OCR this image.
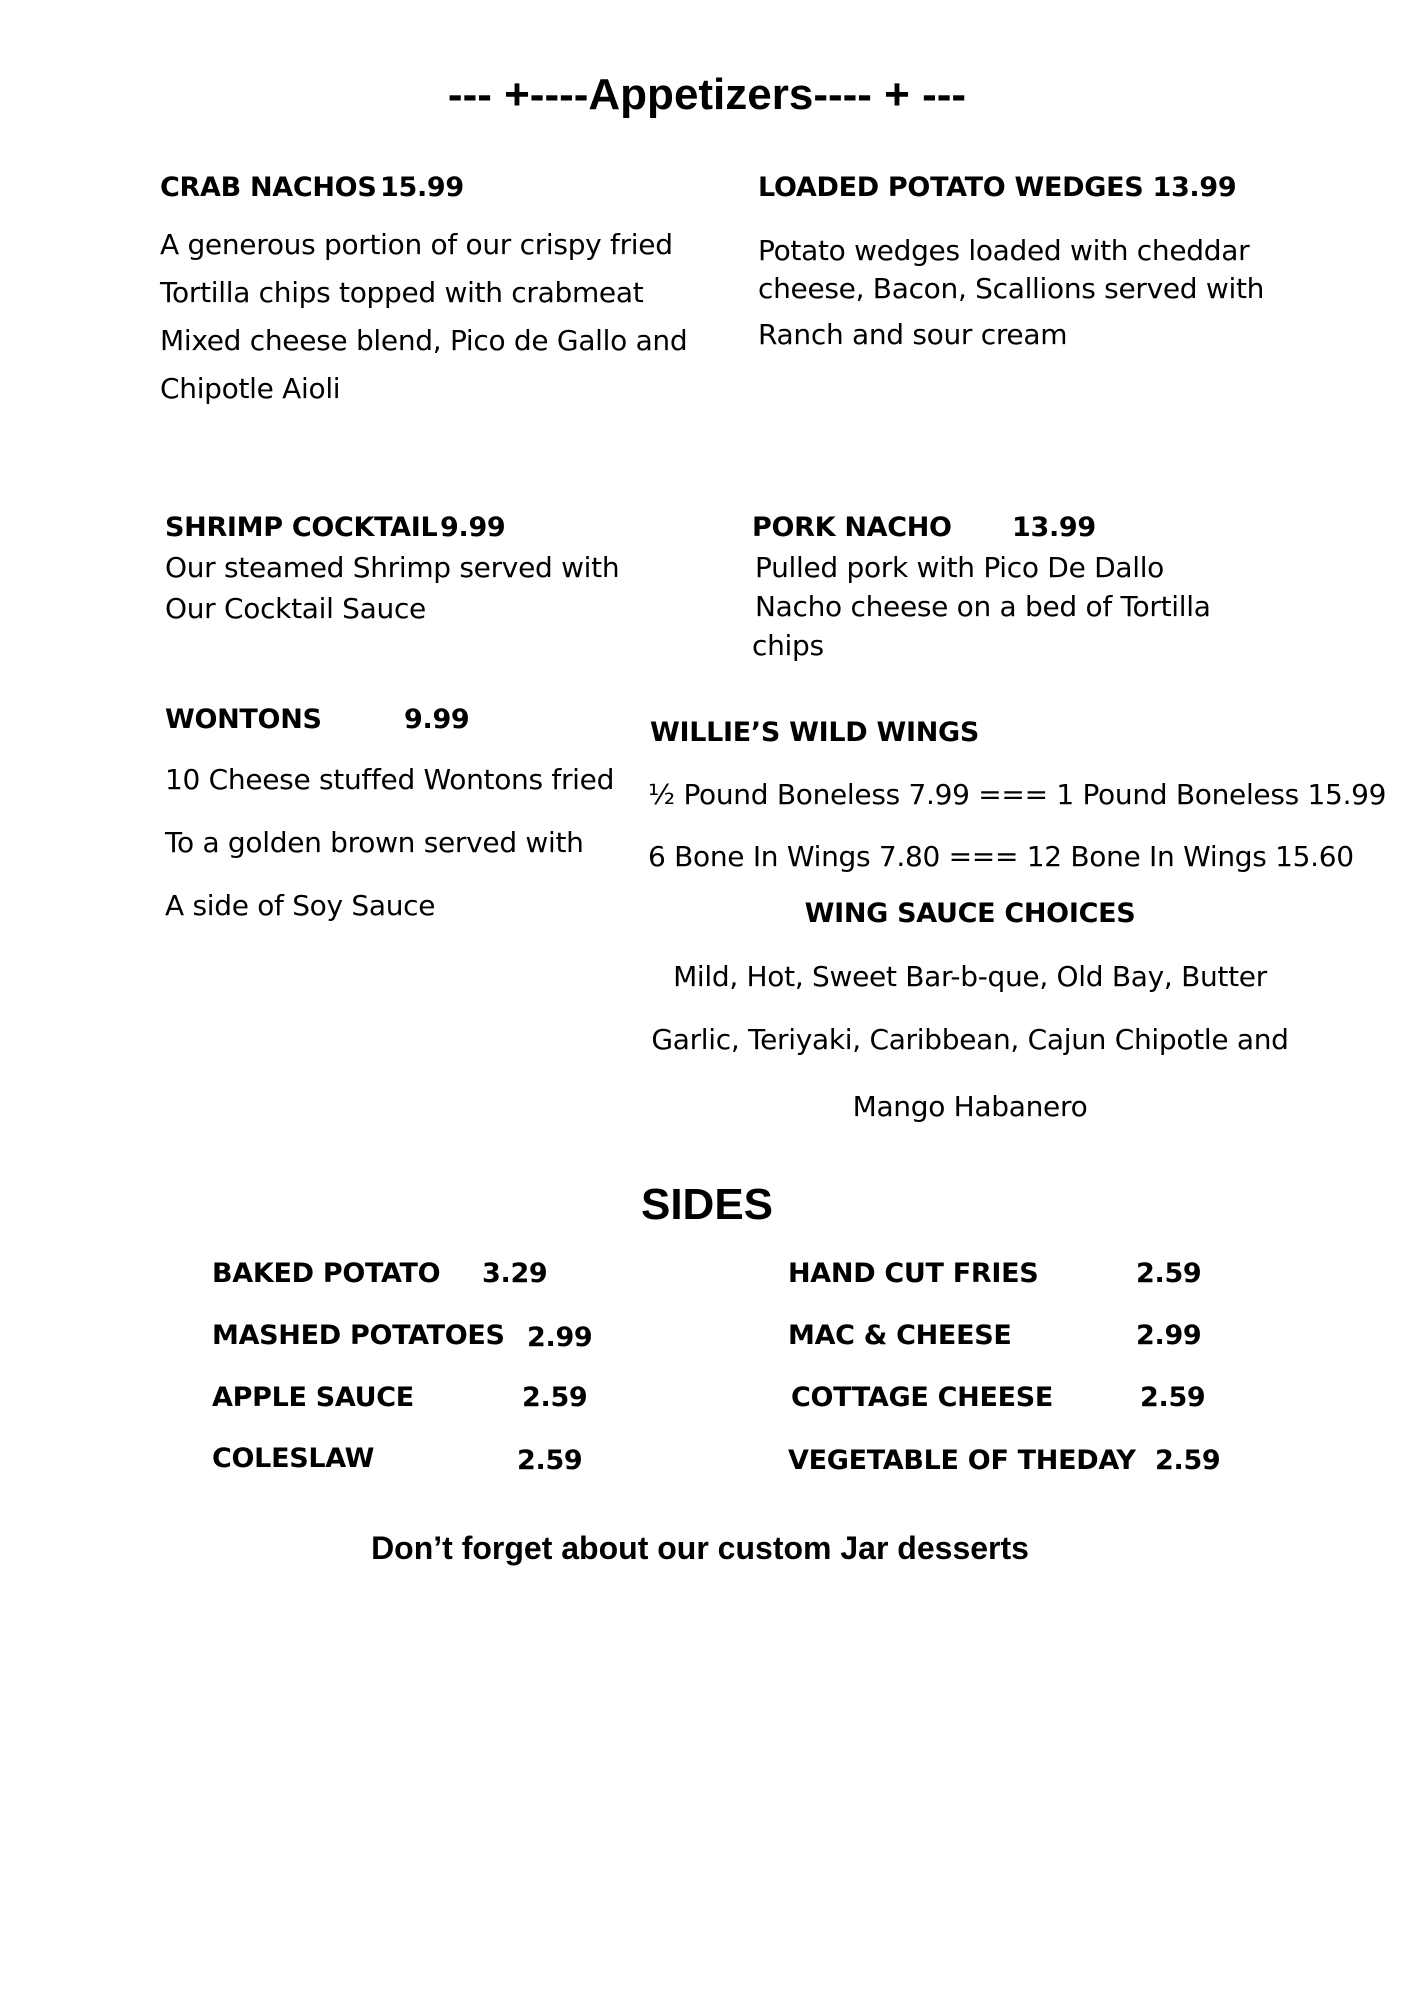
--- +----Appetizers---- + ---
CRAB NACHOS 15.99
A generous portion of our crispy fried
Tortilla chips topped with crabmeat
Mixed cheese blend, Pico de Gallo and
Chipotle Aioli
LOADED POTATO WEDGES 13.99
Potato wedges loaded with cheddar
cheese, Bacon, Scallions served with
Ranch and sour cream
SHRIMP COCKTAIL 9.99
Our steamed Shrimp served with
Our Cocktail Sauce
PORK NACHO 13.99
Pulled pork with Pico De Dallo
Nacho cheese on a bed of Tortilla
chips
WONTONS	9.99
10 Cheese stuffed Wontons fried
To a golden brown served with
A side of Soy Sauce
WILLIE’S WILD WINGS
½ Pound Boneless 7.99 === 1 Pound Boneless 15.99
6 Bone In Wings 7.80 === 12 Bone In Wings 15.60
WING SAUCE CHOICES
Mild, Hot, Sweet Bar-b-que, Old Bay, Butter
Garlic, Teriyaki, Caribbean, Cajun Chipotle and
Mango Habanero
SIDES
BAKED POTATO 3.29
MASHED POTATOES 2.99
APPLE SAUCE	2.59
COLESLAW	2.59
HAND CUT FRIES	2.59
MAC & CHEESE	2.99
COTTAGE CHEESE	2.59
VEGETABLE OF THEDAY 2.59
Don’t forget about our custom Jar desserts
